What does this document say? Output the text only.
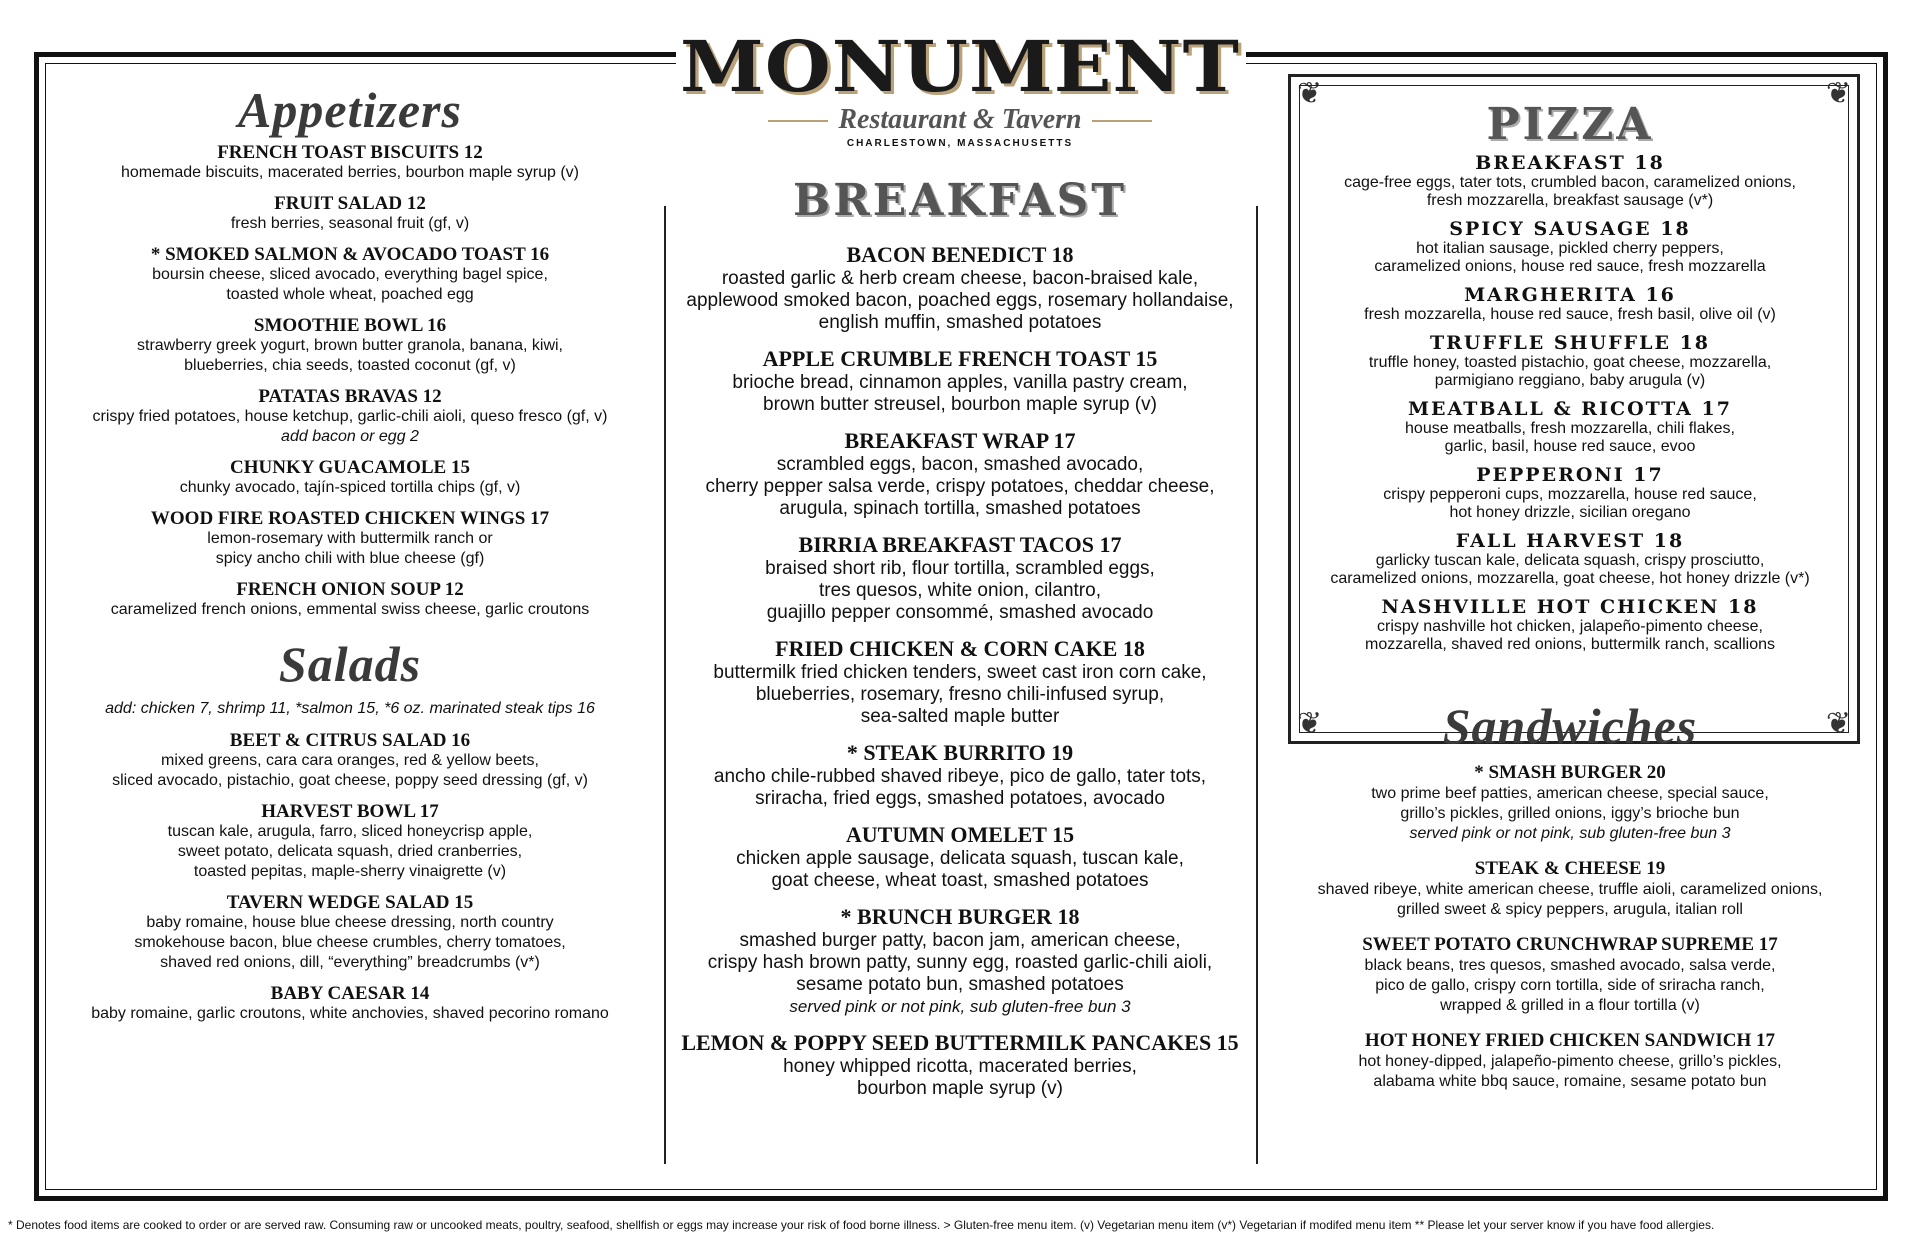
MONUMENT
Restaurant & Tavern
CHARLESTOWN, MASSACHUSETTS
Appetizers
FRENCH TOAST BISCUITS 12
homemade biscuits, macerated berries, bourbon maple syrup (v)
FRUIT SALAD 12
fresh berries, seasonal fruit (gf, v)
* SMOKED SALMON & AVOCADO TOAST 16
boursin cheese, sliced avocado, everything bagel spice,
toasted whole wheat, poached egg
SMOOTHIE BOWL 16
strawberry greek yogurt, brown butter granola, banana, kiwi,
blueberries, chia seeds, toasted coconut (gf, v)
PATATAS BRAVAS 12
crispy fried potatoes, house ketchup, garlic-chili aioli, queso fresco (gf, v)
add bacon or egg 2
CHUNKY GUACAMOLE 15
chunky avocado, tajín-spiced tortilla chips (gf, v)
WOOD FIRE ROASTED CHICKEN WINGS 17
lemon-rosemary with buttermilk ranch or
spicy ancho chili with blue cheese (gf)
FRENCH ONION SOUP 12
caramelized french onions, emmental swiss cheese, garlic croutons
Salads
add: chicken 7, shrimp 11, *salmon 15, *6 oz. marinated steak tips 16
BEET & CITRUS SALAD 16
mixed greens, cara cara oranges, red & yellow beets,
sliced avocado, pistachio, goat cheese, poppy seed dressing (gf, v)
HARVEST BOWL 17
tuscan kale, arugula, farro, sliced honeycrisp apple,
sweet potato, delicata squash, dried cranberries,
toasted pepitas, maple-sherry vinaigrette (v)
TAVERN WEDGE SALAD 15
baby romaine, house blue cheese dressing, north country
smokehouse bacon, blue cheese crumbles, cherry tomatoes,
shaved red onions, dill, “everything” breadcrumbs (v*)
BABY CAESAR 14
baby romaine, garlic croutons, white anchovies, shaved pecorino romano
BREAKFAST
BACON BENEDICT 18
roasted garlic & herb cream cheese, bacon-braised kale,
applewood smoked bacon, poached eggs, rosemary hollandaise,
english muffin, smashed potatoes
APPLE CRUMBLE FRENCH TOAST 15
brioche bread, cinnamon apples, vanilla pastry cream,
brown butter streusel, bourbon maple syrup (v)
BREAKFAST WRAP 17
scrambled eggs, bacon, smashed avocado,
cherry pepper salsa verde, crispy potatoes, cheddar cheese,
arugula, spinach tortilla, smashed potatoes
BIRRIA BREAKFAST TACOS 17
braised short rib, flour tortilla, scrambled eggs,
tres quesos, white onion, cilantro,
guajillo pepper consommé, smashed avocado
FRIED CHICKEN & CORN CAKE 18
buttermilk fried chicken tenders, sweet cast iron corn cake,
blueberries, rosemary, fresno chili-infused syrup,
sea-salted maple butter
* STEAK BURRITO 19
ancho chile-rubbed shaved ribeye, pico de gallo, tater tots,
sriracha, fried eggs, smashed potatoes, avocado
AUTUMN OMELET 15
chicken apple sausage, delicata squash, tuscan kale,
goat cheese, wheat toast, smashed potatoes
* BRUNCH BURGER 18
smashed burger patty, bacon jam, american cheese,
crispy hash brown patty, sunny egg, roasted garlic-chili aioli,
sesame potato bun, smashed potatoes
served pink or not pink, sub gluten-free bun 3
LEMON & POPPY SEED BUTTERMILK PANCAKES 15
honey whipped ricotta, macerated berries,
bourbon maple syrup (v)
❦	❦
❦	❦
PIZZA
BREAKFAST 18
cage-free eggs, tater tots, crumbled bacon, caramelized onions,
fresh mozzarella, breakfast sausage (v*)
SPICY SAUSAGE 18
hot italian sausage, pickled cherry peppers,
caramelized onions, house red sauce, fresh mozzarella
MARGHERITA 16
fresh mozzarella, house red sauce, fresh basil, olive oil (v)
TRUFFLE SHUFFLE 18
truffle honey, toasted pistachio, goat cheese, mozzarella,
parmigiano reggiano, baby arugula (v)
MEATBALL & RICOTTA 17
house meatballs, fresh mozzarella, chili flakes,
garlic, basil, house red sauce, evoo
PEPPERONI 17
crispy pepperoni cups, mozzarella, house red sauce,
hot honey drizzle, sicilian oregano
FALL HARVEST 18
garlicky tuscan kale, delicata squash, crispy prosciutto,
caramelized onions, mozzarella, goat cheese, hot honey drizzle (v*)
NASHVILLE HOT CHICKEN 18
crispy nashville hot chicken, jalapeño-pimento cheese,
mozzarella, shaved red onions, buttermilk ranch, scallions
Sandwiches
* SMASH BURGER 20
two prime beef patties, american cheese, special sauce,
grillo’s pickles, grilled onions, iggy’s brioche bun
served pink or not pink, sub gluten-free bun 3
STEAK & CHEESE 19
shaved ribeye, white american cheese, truffle aioli, caramelized onions,
grilled sweet & spicy peppers, arugula, italian roll
SWEET POTATO CRUNCHWRAP SUPREME 17
black beans, tres quesos, smashed avocado, salsa verde,
pico de gallo, crispy corn tortilla, side of sriracha ranch,
wrapped & grilled in a flour tortilla (v)
HOT HONEY FRIED CHICKEN SANDWICH 17
hot honey-dipped, jalapeño-pimento cheese, grillo’s pickles,
alabama white bbq sauce, romaine, sesame potato bun
* Denotes food items are cooked to order or are served raw. Consuming raw or uncooked meats, poultry, seafood, shellfish or eggs may increase your risk of food borne illness. > Gluten-free menu item. (v) Vegetarian menu item (v*) Vegetarian if modifed menu item ** Please let your server know if you have food allergies.
